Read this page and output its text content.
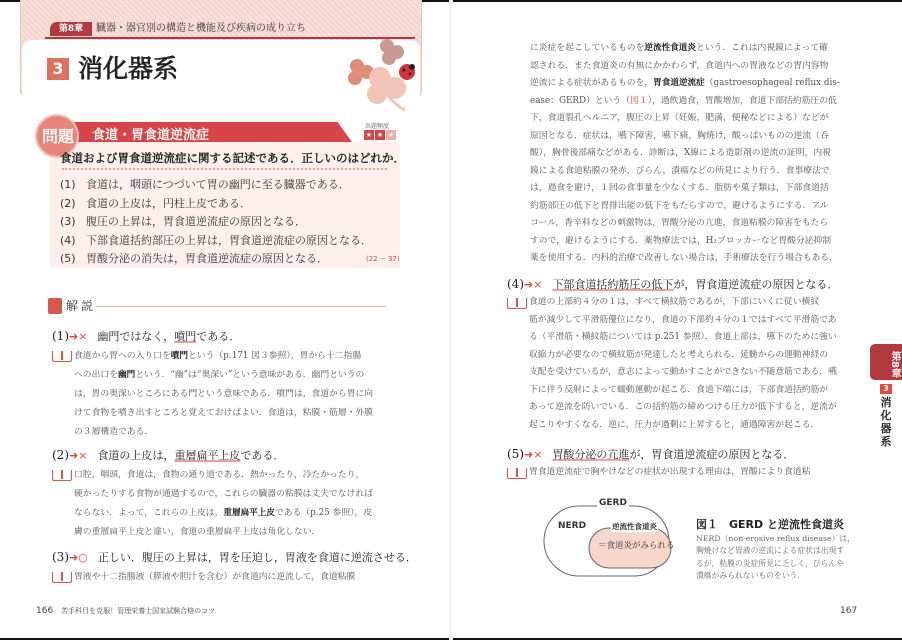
第8章	臓器・器官別の構造と機能及び疾病の成り立ち
3 消化器系
問題	食道・胃食道逆流症
出題頻度
★ ★ ★
食道および胃食道逆流症に関する記述である．正しいのはどれか．
(1) 食道は，咽頭につづいて胃の幽門に至る臓器である．
(2) 食道の上皮は，円柱上皮である．
(3) 腹圧の上昇は，胃食道逆流症の原因となる．
(4) 下部食道括約部圧の上昇は，胃食道逆流症の原因となる．
(5) 胃酸分泌の消失は，胃食道逆流症の原因となる．	(22 − 37)
解説
(1)➜× 幽門ではなく，噴門である．
食道から胃への入り口を噴門という（p.171 図３参照），胃から十二指腸
への出口を幽門という．“幽”は“奥深い”という意味がある．幽門というの
は，胃の奥深いところにある門という意味である．噴門は，食道から胃に向
けて食物を噴き出すところと覚えておけばよい．食道は，粘膜・筋層・外膜
の３層構造である．
(2)➜× 食道の上皮は，重層扁平上皮である．
口腔，咽頭，食道は，食物の通り道である．熱かったり，冷たかったり，
硬かったりする食物が通過するので，これらの臓器の粘膜は丈夫でなければ
ならない．よって，これらの上皮は，重層扁平上皮である（p.25 参照），皮
膚の重層扁平上皮と違い，食道の重層扁平上皮は角化しない．
(3)➜○ 正しい．腹圧の上昇は，胃を圧迫し，胃液を食道に逆流させる．
胃液や十二指腸液（膵液や胆汁を含む）が食道内に逆流して，食道粘膜
(4)➜× 下部食道括約筋圧の低下が，胃食道逆流症の原因となる．
食道の上部約４分の１は，すべて横紋筋であるが，下部にいくに従い横紋
筋が減少して平滑筋優位になり，食道の下部約４分の１ではすべて平滑筋であ
る（平滑筋・横紋筋については p.251 参照）．食道上部は，嚥下のために強い
収縮力が必要なので横紋筋が発達したと考えられる．延髄からの運動神経の
支配を受けているが，意志によって動かすことができない不随意筋である．嚥
下に伴う反射によって蠕動運動が起こる．食道下端には，下部食道括約筋が
あって逆流を防いでいる．この括約筋の締めつける圧力が低下すると，逆流が
起こりやすくなる．逆に，圧力が過剰に上昇すると，通過障害が起こる．
(5)➜× 胃酸分泌の亢進が，胃食道逆流症の原因となる．
胃食道逆流症で胸やけなどの症状が出現する理由は，胃酸により食道粘
に炎症を起こしているものを逆流性食道炎という．これは内視鏡によって確
認される．また食道炎の有無にかかわらず，食道内への胃液などの胃内容物
逆流による症状があるものを，胃食道逆流症（gastroesophageal reflux dis-
ease：GERD）という（図１），過飲過食，胃酸増加，食道下部括約筋圧の低
下，食道裂孔ヘルニア，腹圧の上昇（妊娠，肥満，便秘などによる）などが
原因となる．症状は，嚥下障害，嚥下痛，胸焼け，酸っぱいものの逆流（呑
酸），胸骨後部痛などがある．診断は，X線による造影剤の逆流の証明，内視
鏡による食道粘膜の発赤，びらん，潰瘍などの所見により行う．食事療法で
は，過食を避け，１回の食事量を少なくする．脂肪や菓子類は，下部食道括
約筋部圧の低下と胃排出能の低下をもたらすので，避けるようにする．アル
コール，香辛料などの刺激物は，胃酸分泌の亢進，食道粘膜の障害をもたら
すので，避けるようにする．薬物療法では，H₂ブロッカーなど胃酸分泌抑制
薬を使用する．内科的治療で改善しない場合は，手術療法を行う場合もある．
GERD
NERD	逆流性食道炎
＝食道炎がみられる
図１　GERD と逆流性食道炎
NERD（non-erosive reflux disease）は，
胸焼けなど胃液の逆流による症状は出現す
るが，粘膜の炎症所見に乏しく，びらんや
潰瘍がみられないものをいう．
166 苦手科目を克服！管理栄養士国家試験合格のコツ	167
第8章
3
消化器系
